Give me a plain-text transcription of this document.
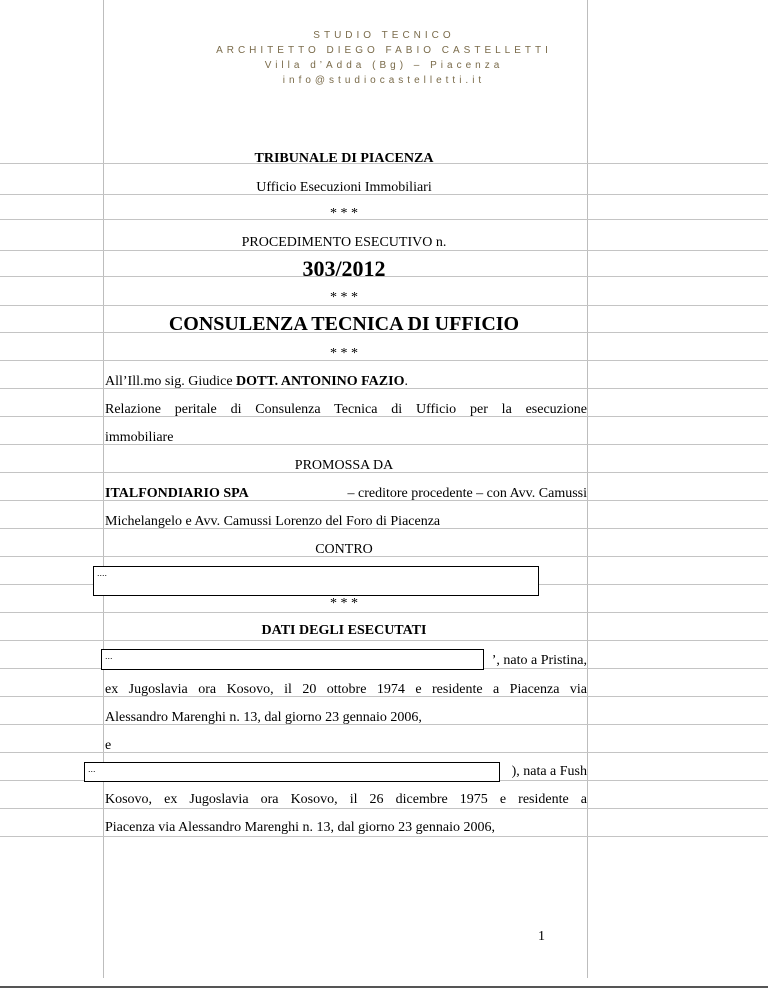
STUDIO TECNICO
ARCHITETTO DIEGO FABIO CASTELLETTI
Villa d’Adda (Bg) – Piacenza
info@studiocastelletti.it
TRIBUNALE DI PIACENZA
Ufficio Esecuzioni Immobiliari
* * *
PROCEDIMENTO ESECUTIVO n.
303/2012
* * *
CONSULENZA TECNICA DI UFFICIO
* * *
All’Ill.mo sig. Giudice DOTT. ANTONINO FAZIO.
Relazione peritale di Consulenza Tecnica di Ufficio per la esecuzione
immobiliare
PROMOSSA DA
ITALFONDIARIO SPA	– creditore procedente – con Avv. Camussi
Michelangelo e Avv. Camussi Lorenzo del Foro di Piacenza
CONTRO
....
* * *
DATI DEGLI ESECUTATI
...	’, nato a Pristina,
ex Jugoslavia ora Kosovo, il 20 ottobre 1974 e residente a Piacenza via
Alessandro Marenghi n. 13, dal giorno 23 gennaio 2006,
e
...	), nata a Fush
Kosovo, ex Jugoslavia ora Kosovo, il 26 dicembre 1975 e residente a
Piacenza via Alessandro Marenghi n. 13, dal giorno 23 gennaio 2006,
1
